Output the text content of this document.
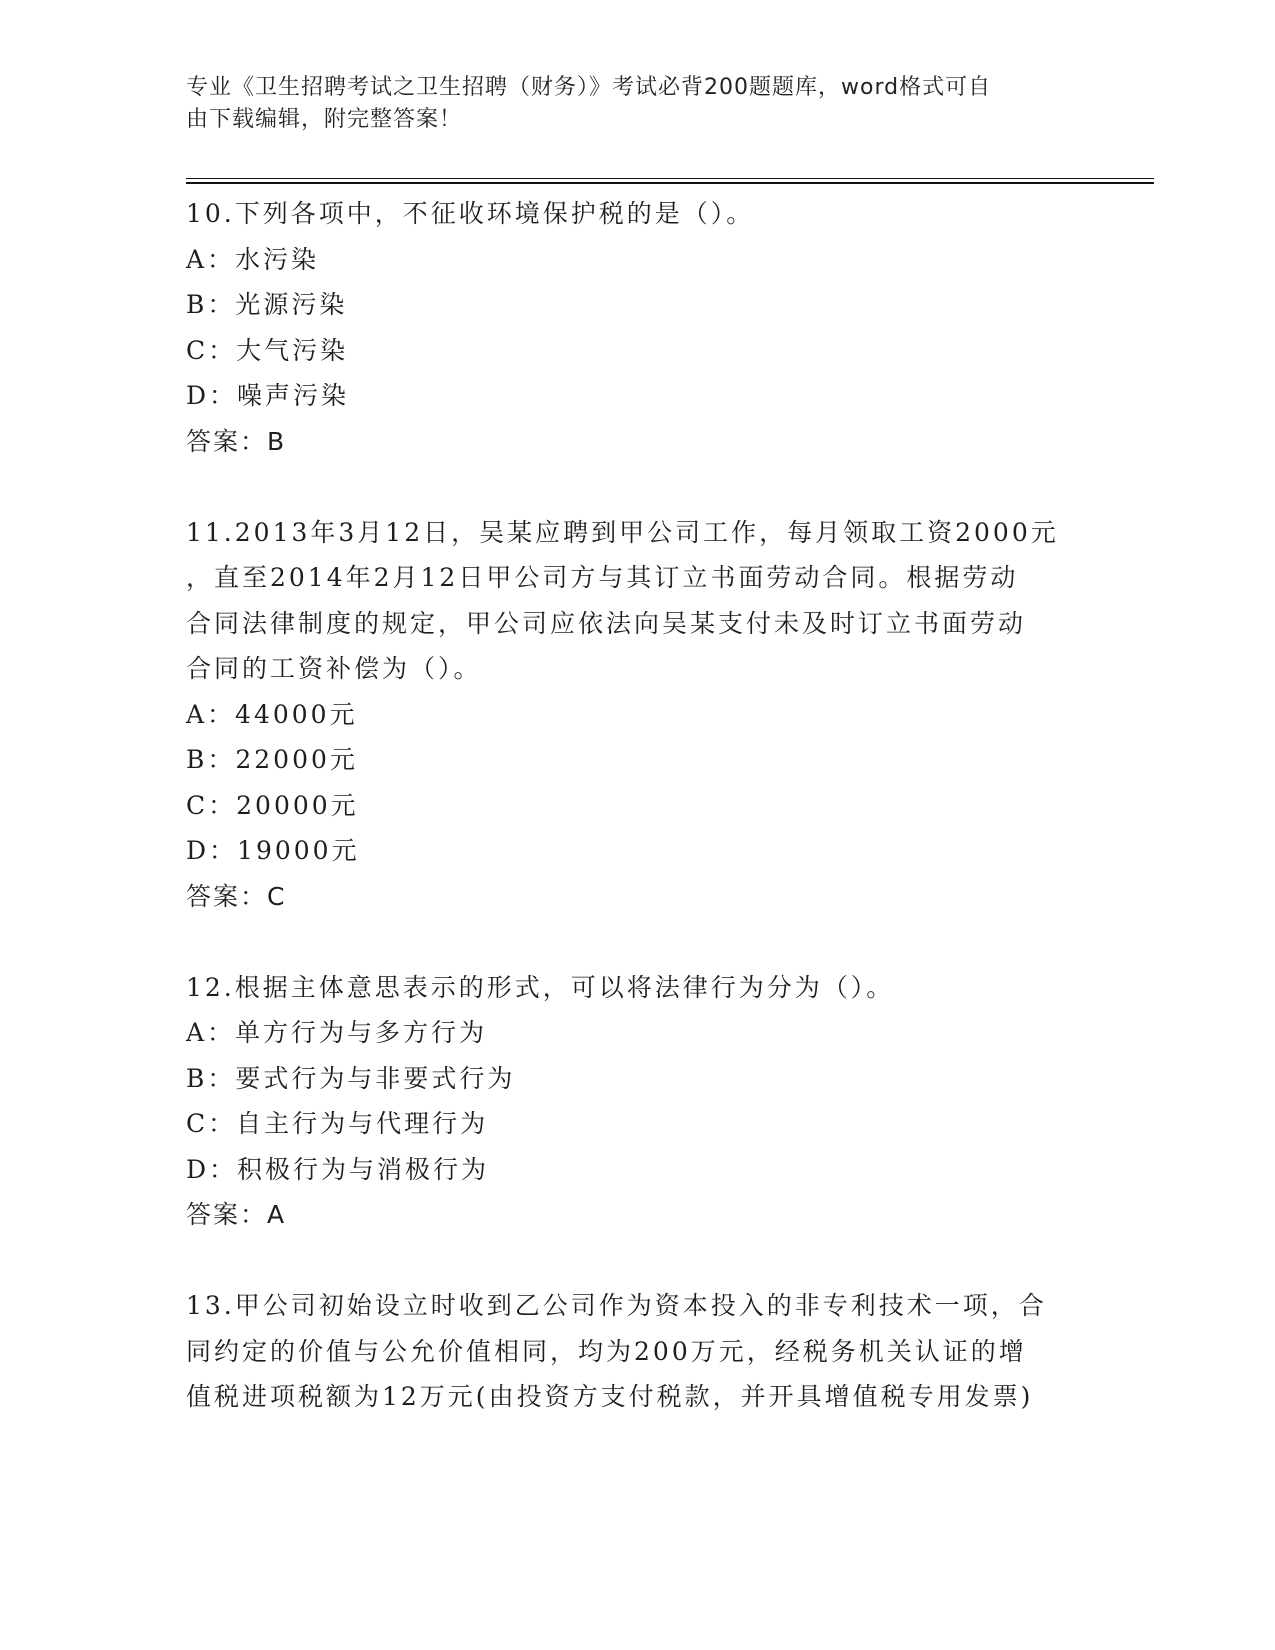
专业《卫生招聘考试之卫生招聘（财务）》考试必背200题题库，word格式可自
由下载编辑，附完整答案！
10.下列各项中，不征收环境保护税的是（）。
A：水污染
B：光源污染
C：大气污染
D：噪声污染
答案：B
11.2013年3月12日，吴某应聘到甲公司工作，每月领取工资2000元
，直至2014年2月12日甲公司方与其订立书面劳动合同。根据劳动
合同法律制度的规定，甲公司应依法向吴某支付未及时订立书面劳动
合同的工资补偿为（）。
A：44000元
B：22000元
C：20000元
D：19000元
答案：C
12.根据主体意思表示的形式，可以将法律行为分为（）。
A：单方行为与多方行为
B：要式行为与非要式行为
C：自主行为与代理行为
D：积极行为与消极行为
答案：A
13.甲公司初始设立时收到乙公司作为资本投入的非专利技术一项，合
同约定的价值与公允价值相同，均为200万元，经税务机关认证的增
值税进项税额为12万元(由投资方支付税款，并开具增值税专用发票)
